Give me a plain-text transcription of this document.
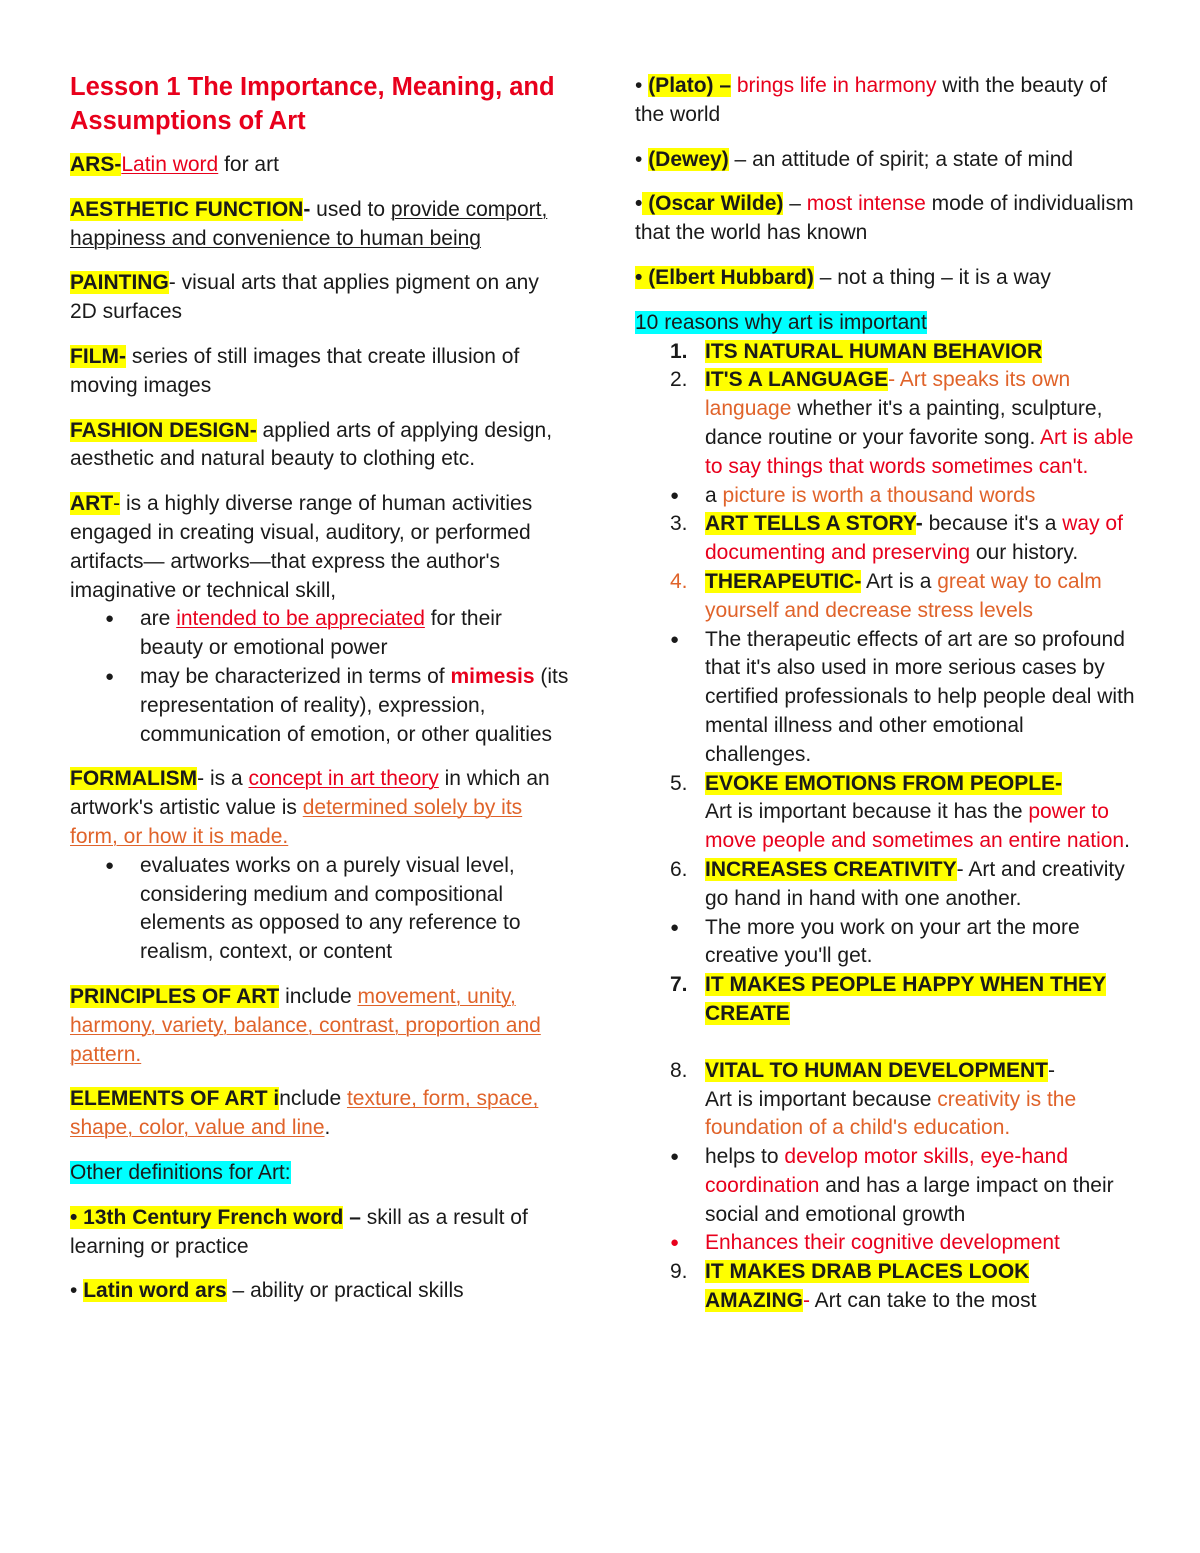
Lesson 1 The Importance, Meaning, and Assumptions of Art

ARS-Latin word for art

AESTHETIC FUNCTION- used to provide comport, happiness and convenience to human being

PAINTING- visual arts that applies pigment on any 2D surfaces

FILM- series of still images that create illusion of moving images

FASHION DESIGN- applied arts of applying design, aesthetic and natural beauty to clothing etc.

ART- is a highly diverse range of human activities engaged in creating visual, auditory, or performed artifacts— artworks—that express the author's imaginative or technical skill,

● are intended to be appreciated for their beauty or emotional power
● may be characterized in terms of mimesis (its representation of reality), expression, communication of emotion, or other qualities

FORMALISM- is a concept in art theory in which an artwork's artistic value is determined solely by its form, or how it is made.

● evaluates works on a purely visual level, considering medium and compositional elements as opposed to any reference to realism, context, or content

PRINCIPLES OF ART include movement, unity, harmony, variety, balance, contrast, proportion and pattern.

ELEMENTS OF ART include texture, form, space, shape, color, value and line.

Other definitions for Art:

• 13th Century French word – skill as a result of learning or practice

• Latin word ars – ability or practical skills

• (Plato) – brings life in harmony with the beauty of the world

• (Dewey) – an attitude of spirit; a state of mind

• (Oscar Wilde) – most intense mode of individualism that the world has known

• (Elbert Hubbard) – not a thing – it is a way

10 reasons why art is important

1. ITS NATURAL HUMAN BEHAVIOR
2. IT'S A LANGUAGE- Art speaks its own language whether it's a painting, sculpture, dance routine or your favorite song. Art is able to say things that words sometimes can't.
● a picture is worth a thousand words
3. ART TELLS A STORY- because it's a way of documenting and preserving our history.
4. THERAPEUTIC- Art is a great way to calm yourself and decrease stress levels
● The therapeutic effects of art are so profound that it's also used in more serious cases by certified professionals to help people deal with mental illness and other emotional challenges.
5. EVOKE EMOTIONS FROM PEOPLE-
Art is important because it has the power to move people and sometimes an entire nation.
6. INCREASES CREATIVITY- Art and creativity go hand in hand with one another.
● The more you work on your art the more creative you'll get.
7. IT MAKES PEOPLE HAPPY WHEN THEY CREATE
8. VITAL TO HUMAN DEVELOPMENT-
Art is important because creativity is the foundation of a child's education.
● helps to develop motor skills, eye-hand coordination and has a large impact on their social and emotional growth
● Enhances their cognitive development
9. IT MAKES DRAB PLACES LOOK AMAZING- Art can take to the most
